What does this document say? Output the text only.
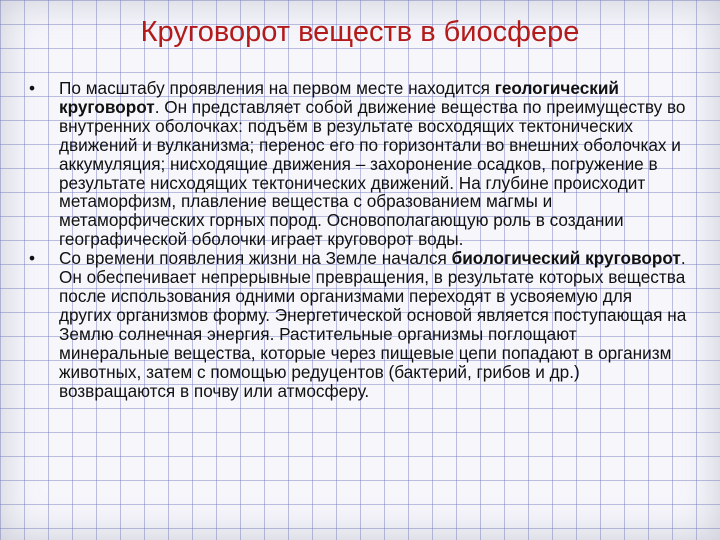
Круговорот веществ в биосфере
• По масштабу проявления на первом месте находится геологический круговорот. Он представляет собой движение вещества по преимуществу во внутренних оболочках: подъём в результате восходящих тектонических движений и вулканизма; перенос его по горизонтали во внешних оболочках и аккумуляция; нисходящие движения – захоронение осадков, погружение в результате нисходящих тектонических движений. На глубине происходит метаморфизм, плавление вещества с образованием магмы и метаморфических горных пород. Основополагающую роль в создании географической оболочки играет круговорот воды.
• Со времени появления жизни на Земле начался биологический круговорот. Он обеспечивает непрерывные превращения, в результате которых вещества после использования одними организмами переходят в усвояемую для других организмов форму. Энергетической основой является поступающая на Землю солнечная энергия. Растительные организмы поглощают минеральные вещества, которые через пищевые цепи попадают в организм животных, затем с помощью редуцентов (бактерий, грибов и др.) возвращаются в почву или атмосферу.
